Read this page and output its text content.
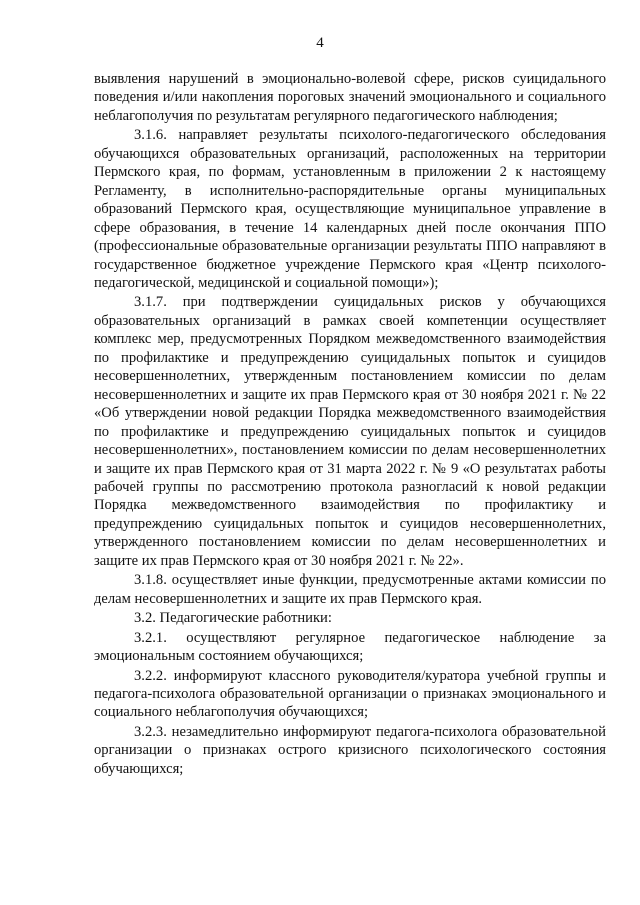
4

выявления нарушений в эмоционально-волевой сфере, рисков суицидального поведения и/или накопления пороговых значений эмоционального и социального неблагополучия по результатам регулярного педагогического наблюдения;

3.1.6. направляет результаты психолого-педагогического обследования обучающихся образовательных организаций, расположенных на территории Пермского края, по формам, установленным в приложении 2 к настоящему Регламенту, в исполнительно-распорядительные органы муниципальных образований Пермского края, осуществляющие муниципальное управление в сфере образования, в течение 14 календарных дней после окончания ППО (профессиональные образовательные организации результаты ППО направляют в государственное бюджетное учреждение Пермского края «Центр психолого-педагогической, медицинской и социальной помощи»);

3.1.7. при подтверждении суицидальных рисков у обучающихся образовательных организаций в рамках своей компетенции осуществляет комплекс мер, предусмотренных Порядком межведомственного взаимодействия по профилактике и предупреждению суицидальных попыток и суицидов несовершеннолетних, утвержденным постановлением комиссии по делам несовершеннолетних и защите их прав Пермского края от 30 ноября 2021 г. № 22 «Об утверждении новой редакции Порядка межведомственного взаимодействия по профилактике и предупреждению суицидальных попыток и суицидов несовершеннолетних», постановлением комиссии по делам несовершеннолетних и защите их прав Пермского края от 31 марта 2022 г. № 9 «О результатах работы рабочей группы по рассмотрению протокола разногласий к новой редакции Порядка межведомственного взаимодействия по профилактику и предупреждению суицидальных попыток и суицидов несовершеннолетних, утвержденного постановлением комиссии по делам несовершеннолетних и защите их прав Пермского края от 30 ноября 2021 г. № 22».

3.1.8. осуществляет иные функции, предусмотренные актами комиссии по делам несовершеннолетних и защите их прав Пермского края.

3.2. Педагогические работники:

3.2.1. осуществляют регулярное педагогическое наблюдение за эмоциональным состоянием обучающихся;

3.2.2. информируют классного руководителя/куратора учебной группы и педагога-психолога образовательной организации о признаках эмоционального и социального неблагополучия обучающихся;

3.2.3. незамедлительно информируют педагога-психолога образовательной организации о признаках острого кризисного психологического состояния обучающихся;
